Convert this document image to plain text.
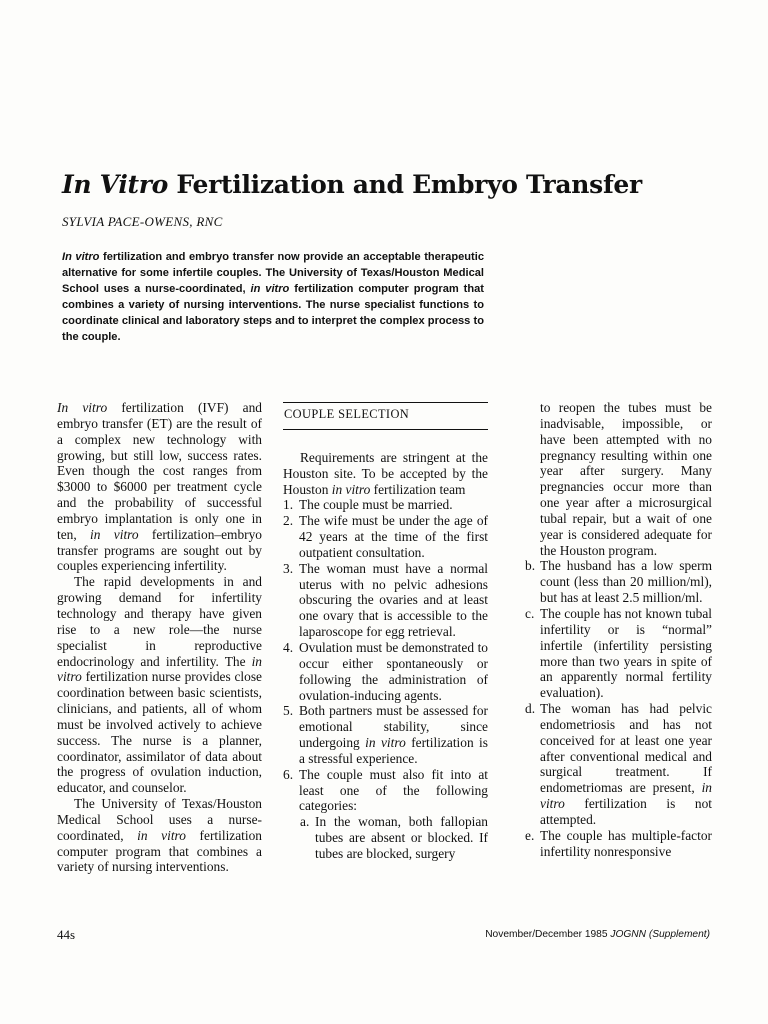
In Vitro Fertilization and Embryo Transfer
SYLVIA PACE-OWENS, RNC

In vitro fertilization and embryo transfer now provide an acceptable therapeutic alternative for some infertile couples. The University of Texas/Houston Medical School uses a nurse-coordinated, in vitro fertilization computer program that combines a variety of nursing interventions. The nurse specialist functions to coordinate clinical and laboratory steps and to interpret the complex process to the couple.

In vitro fertilization (IVF) and embryo transfer (ET) are the result of a complex new technology with growing, but still low, success rates. Even though the cost ranges from $3000 to $6000 per treatment cycle and the probability of successful embryo implantation is only one in ten, in vitro fertilization–embryo transfer programs are sought out by couples experiencing infertility.

The rapid developments in and growing demand for infertility technology and therapy have given rise to a new role—the nurse specialist in reproductive endocrinology and infertility. The in vitro fertilization nurse provides close coordination between basic scientists, clinicians, and patients, all of whom must be involved actively to achieve success. The nurse is a planner, coordinator, assimilator of data about the progress of ovulation induction, educator, and counselor.

The University of Texas/Houston Medical School uses a nurse-coordinated, in vitro fertilization computer program that combines a variety of nursing interventions.

COUPLE SELECTION

Requirements are stringent at the Houston site. To be accepted by the Houston in vitro fertilization team

1. The couple must be married.
2. The wife must be under the age of 42 years at the time of the first outpatient consultation.
3. The woman must have a normal uterus with no pelvic adhesions obscuring the ovaries and at least one ovary that is accessible to the laparoscope for egg retrieval.
4. Ovulation must be demonstrated to occur either spontaneously or following the administration of ovulation-inducing agents.
5. Both partners must be assessed for emotional stability, since undergoing in vitro fertilization is a stressful experience.
6. The couple must also fit into at least one of the following categories:
a. In the woman, both fallopian tubes are absent or blocked. If tubes are blocked, surgery
to reopen the tubes must be inadvisable, impossible, or have been attempted with no pregnancy resulting within one year after surgery. Many pregnancies occur more than one year after a microsurgical tubal repair, but a wait of one year is considered adequate for the Houston program.
b. The husband has a low sperm count (less than 20 million/ml), but has at least 2.5 million/ml.
c. The couple has not known tubal infertility or is “normal” infertile (infertility persisting more than two years in spite of an apparently normal fertility evaluation).
d. The woman has had pelvic endometriosis and has not conceived for at least one year after conventional medical and surgical treatment. If endometriomas are present, in vitro fertilization is not attempted.
e. The couple has multiple-factor infertility nonresponsive
44s	November/December 1985 JOGNN (Supplement)
